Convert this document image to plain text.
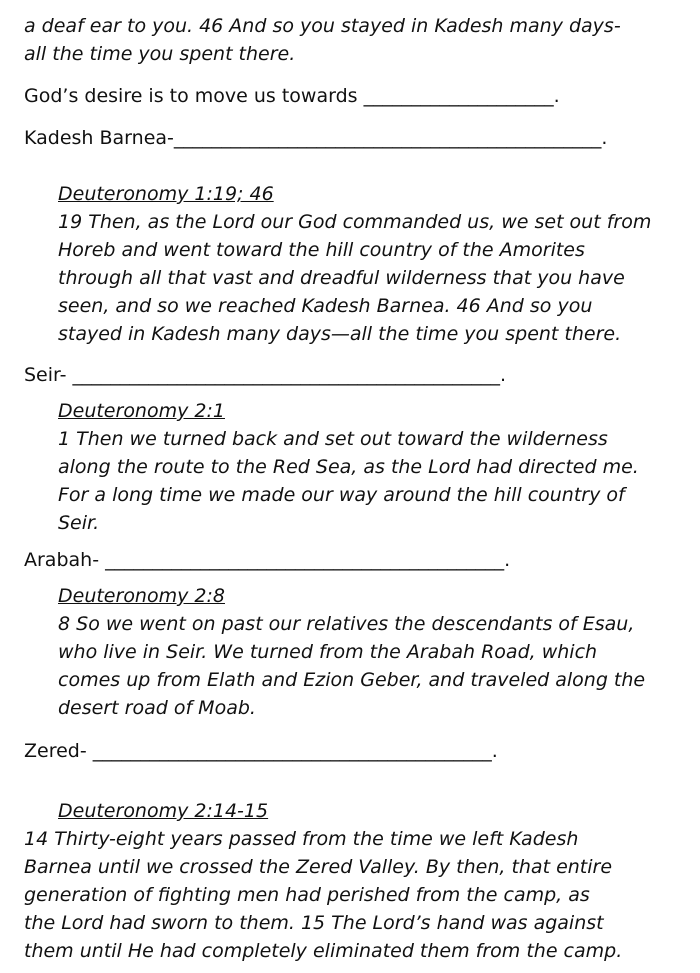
a deaf ear to you. 46 And so you stayed in Kadesh many days-
all the time you spent there.
God’s desire is to move us towards ____________________.
Kadesh Barnea-_____________________________________________.
Deuteronomy 1:19; 46
19 Then, as the Lord our God commanded us, we set out from
Horeb and went toward the hill country of the Amorites
through all that vast and dreadful wilderness that you have
seen, and so we reached Kadesh Barnea. 46 And so you
stayed in Kadesh many days—all the time you spent there.
Seir- _____________________________________________.
Deuteronomy 2:1
1 Then we turned back and set out toward the wilderness
along the route to the Red Sea, as the Lord had directed me.
For a long time we made our way around the hill country of
Seir.
Arabah- __________________________________________.
Deuteronomy 2:8
8 So we went on past our relatives the descendants of Esau,
who live in Seir. We turned from the Arabah Road, which
comes up from Elath and Ezion Geber, and traveled along the
desert road of Moab.
Zered- __________________________________________.
Deuteronomy 2:14-15
14 Thirty-eight years passed from the time we left Kadesh
Barnea until we crossed the Zered Valley. By then, that entire
generation of fighting men had perished from the camp, as
the Lord had sworn to them. 15 The Lord’s hand was against
them until He had completely eliminated them from the camp.
